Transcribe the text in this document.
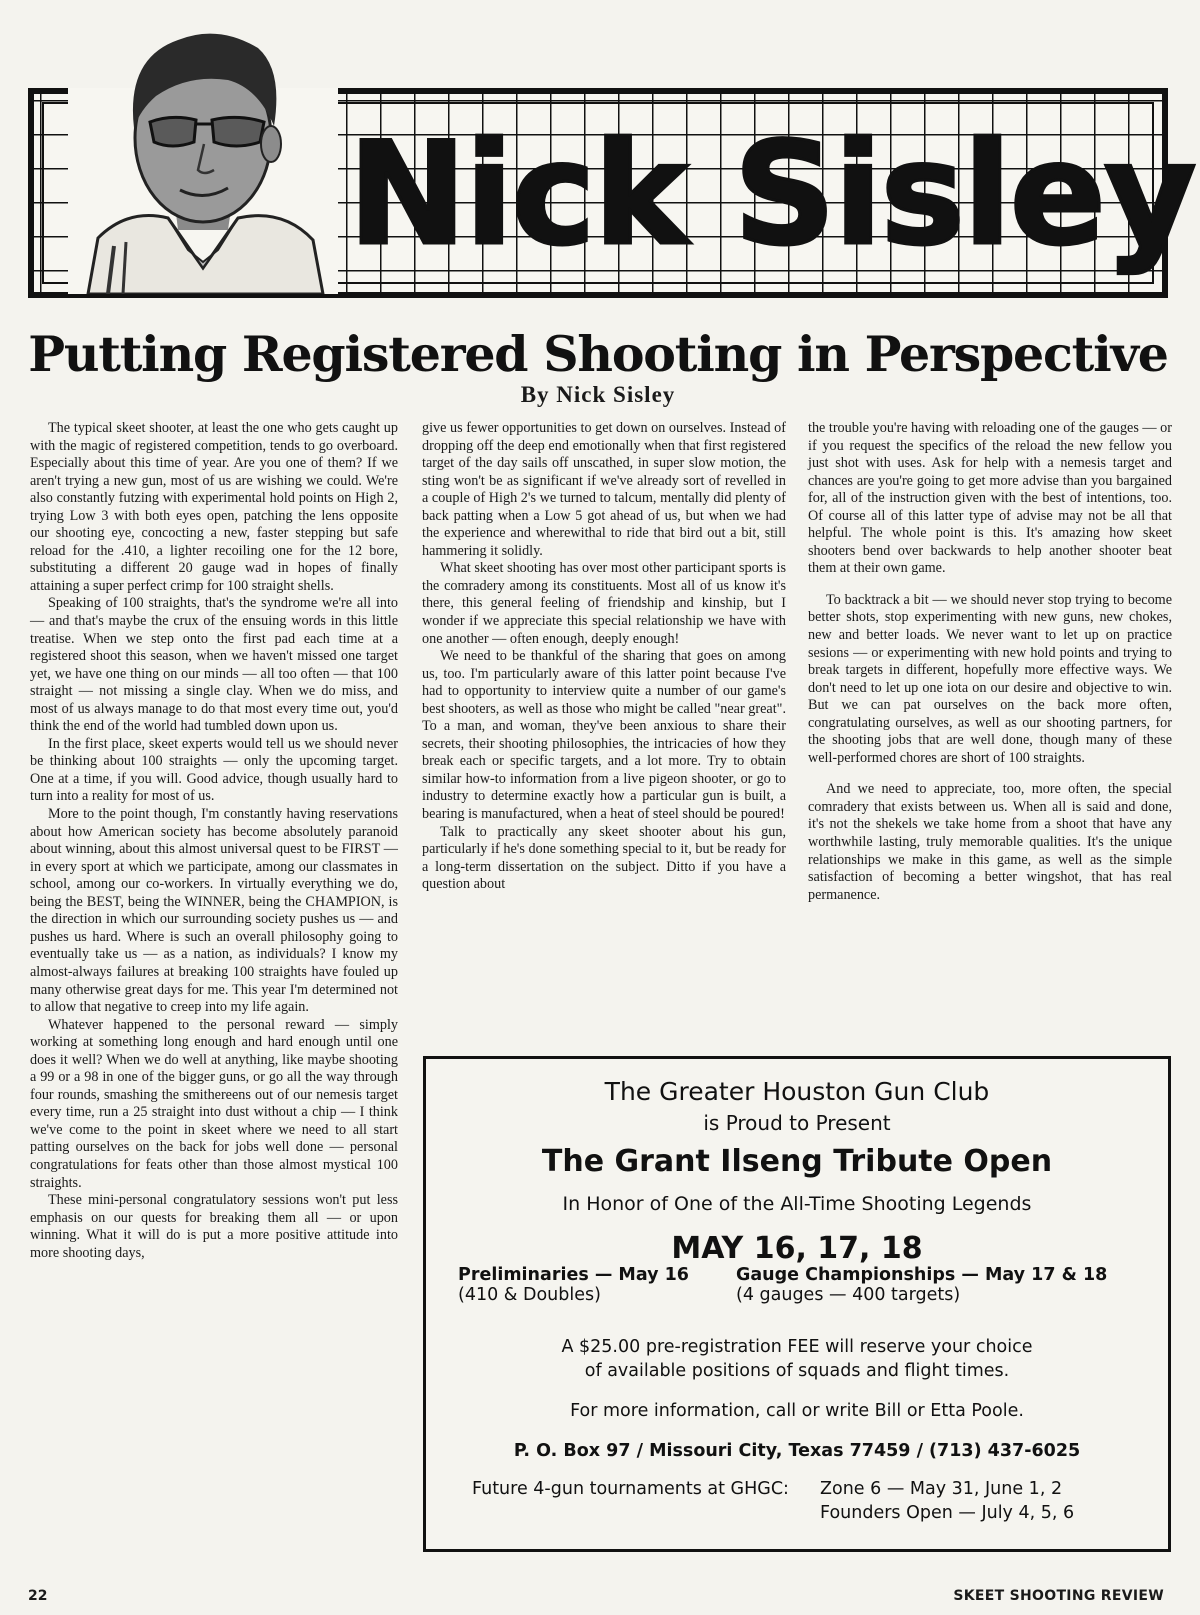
Nick Sisley
Putting Registered Shooting in Perspective
By Nick Sisley

The typical skeet shooter, at least the one who gets caught up with the magic of registered competition, tends to go overboard. Especially about this time of year. Are you one of them? If we aren't trying a new gun, most of us are wishing we could. We're also constantly futzing with experimental hold points on High 2, trying Low 3 with both eyes open, patching the lens opposite our shooting eye, concocting a new, faster stepping but safe reload for the .410, a lighter recoiling one for the 12 bore, substituting a different 20 gauge wad in hopes of finally attaining a super perfect crimp for 100 straight shells.

Speaking of 100 straights, that's the syndrome we're all into — and that's maybe the crux of the ensuing words in this little treatise. When we step onto the first pad each time at a registered shoot this season, when we haven't missed one target yet, we have one thing on our minds — all too often — that 100 straight — not missing a single clay. When we do miss, and most of us always manage to do that most every time out, you'd think the end of the world had tumbled down upon us.

In the first place, skeet experts would tell us we should never be thinking about 100 straights — only the upcoming target. One at a time, if you will. Good advice, though usually hard to turn into a reality for most of us.

More to the point though, I'm constantly having reservations about how American society has become absolutely paranoid about winning, about this almost universal quest to be FIRST — in every sport at which we participate, among our classmates in school, among our co-workers. In virtually everything we do, being the BEST, being the WINNER, being the CHAMPION, is the direction in which our surrounding society pushes us — and pushes us hard. Where is such an overall philosophy going to eventually take us — as a nation, as individuals? I know my almost-always failures at breaking 100 straights have fouled up many otherwise great days for me. This year I'm determined not to allow that negative to creep into my life again.

Whatever happened to the personal reward — simply working at something long enough and hard enough until one does it well? When we do well at anything, like maybe shooting a 99 or a 98 in one of the bigger guns, or go all the way through four rounds, smashing the smithereens out of our nemesis target every time, run a 25 straight into dust without a chip — I think we've come to the point in skeet where we need to all start patting ourselves on the back for jobs well done — personal congratulations for feats other than those almost mystical 100 straights.

These mini-personal congratulatory sessions won't put less emphasis on our quests for breaking them all — or upon winning. What it will do is put a more positive attitude into more shooting days,

give us fewer opportunities to get down on ourselves. Instead of dropping off the deep end emotionally when that first registered target of the day sails off unscathed, in super slow motion, the sting won't be as significant if we've already sort of revelled in a couple of High 2's we turned to talcum, mentally did plenty of back patting when a Low 5 got ahead of us, but when we had the experience and wherewithal to ride that bird out a bit, still hammering it solidly.

What skeet shooting has over most other participant sports is the comradery among its constituents. Most all of us know it's there, this general feeling of friendship and kinship, but I wonder if we appreciate this special relationship we have with one another — often enough, deeply enough!

We need to be thankful of the sharing that goes on among us, too. I'm particularly aware of this latter point because I've had to opportunity to interview quite a number of our game's best shooters, as well as those who might be called "near great". To a man, and woman, they've been anxious to share their secrets, their shooting philosophies, the intricacies of how they break each or specific targets, and a lot more. Try to obtain similar how-to information from a live pigeon shooter, or go to industry to determine exactly how a particular gun is built, a bearing is manufactured, when a heat of steel should be poured!

Talk to practically any skeet shooter about his gun, particularly if he's done something special to it, but be ready for a long-term dissertation on the subject. Ditto if you have a question about

the trouble you're having with reloading one of the gauges — or if you request the specifics of the reload the new fellow you just shot with uses. Ask for help with a nemesis target and chances are you're going to get more advise than you bargained for, all of the instruction given with the best of intentions, too. Of course all of this latter type of advise may not be all that helpful. The whole point is this. It's amazing how skeet shooters bend over backwards to help another shooter beat them at their own game.

To backtrack a bit — we should never stop trying to become better shots, stop experimenting with new guns, new chokes, new and better loads. We never want to let up on practice sesions — or experimenting with new hold points and trying to break targets in different, hopefully more effective ways. We don't need to let up one iota on our desire and objective to win. But we can pat ourselves on the back more often, congratulating ourselves, as well as our shooting partners, for the shooting jobs that are well done, though many of these well-performed chores are short of 100 straights.

And we need to appreciate, too, more often, the special comradery that exists between us. When all is said and done, it's not the shekels we take home from a shoot that have any worthwhile lasting, truly memorable qualities. It's the unique relationships we make in this game, as well as the simple satisfaction of becoming a better wingshot, that has real permanence.

The Greater Houston Gun Club
is Proud to Present
The Grant Ilseng Tribute Open
In Honor of One of the All-Time Shooting Legends
MAY 16, 17, 18
Preliminaries — May 16
(410 & Doubles)
Gauge Championships — May 17 & 18
(4 gauges — 400 targets)
A $25.00 pre-registration FEE will reserve your choice
of available positions of squads and flight times.
For more information, call or write Bill or Etta Poole.
P. O. Box 97 / Missouri City, Texas 77459 / (713) 437-6025
Future 4-gun tournaments at GHGC: Zone 6 — May 31, June 1, 2
Founders Open — July 4, 5, 6
22	SKEET SHOOTING REVIEW
